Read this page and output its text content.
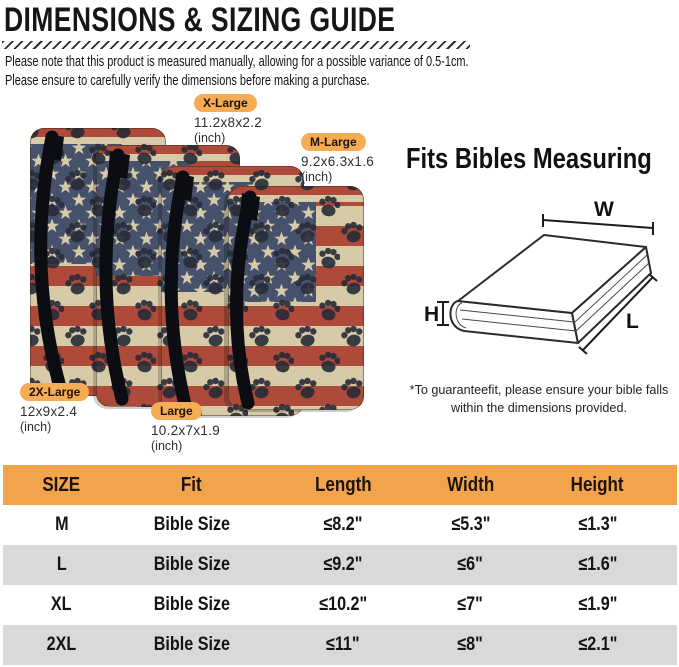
DIMENSIONS & SIZING GUIDE
Please note that this product is measured manually, allowing for a possible variance of 0.5-1cm.
Please ensure to carefully verify the dimensions before making a purchase.
X-Large
11.2x8x2.2
(inch)	M-Large
9.2x6.3x1.6
(inch)
2X-Large
12x9x2.4
(inch)
Large
10.2x7x1.9
(inch)
Fits Bibles Measuring
W
H	L
*To guaranteefit, please ensure your bible falls
within the dimensions provided.
SIZE	Fit	Length	Width	Height
M	Bible Size	≤8.2"	≤5.3"	≤1.3"
L	Bible Size	≤9.2"	≤6"	≤1.6"
XL	Bible Size	≤10.2"	≤7"	≤1.9"
2XL	Bible Size	≤11"	≤8"	≤2.1"
